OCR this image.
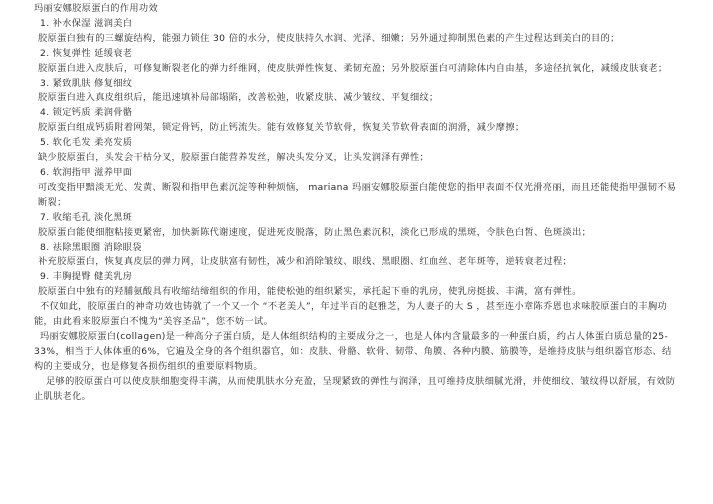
玛丽安娜胶原蛋白的作用功效

1. 补水保湿 滋润美白
胶原蛋白独有的三螺旋结构，能强力锁住 30 倍的水分，使皮肤持久水润、光泽、细嫩；另外通过抑制黑色素的产生过程达到美白的目的；
2. 恢复弹性 延缓衰老
胶原蛋白进入皮肤后，可修复断裂老化的弹力纤维网，使皮肤弹性恢复、柔韧充盈；另外胶原蛋白可清除体内自由基，多途径抗氧化，减缓皮肤衰老；
3. 紧致肌肤 修复细纹
胶原蛋白进入真皮组织后，能迅速填补局部塌陷，改善松弛，收紧皮肤、减少皱纹、平复细纹；
4. 锁定钙质 柔润骨骼
胶原蛋白组成钙质附着网架，锁定骨钙，防止钙流失。能有效修复关节软骨，恢复关节软骨表面的润滑，减少摩擦；
5. 软化毛发 柔亮发质
缺少胶原蛋白，头发会干枯分叉，胶原蛋白能营养发丝，解决头发分叉，让头发润泽有弹性；
6. 软润指甲 滋养甲面
可改变指甲黯淡无光、发黄、断裂和指甲色素沉淀等种种烦恼， mariana 玛丽安娜胶原蛋白能使您的指甲表面不仅光滑亮丽，而且还能使指甲强韧不易断裂；
7. 收缩毛孔 淡化黑斑
胶原蛋白能使细胞粘接更紧密，加快新陈代谢速度，促进死皮脱落，防止黑色素沉积，淡化已形成的黑斑，令肤色白皙、色斑淡出；
8. 祛除黑眼圈 消除眼袋
补充胶原蛋白，恢复真皮层的弹力网，让皮肤富有韧性，减少和消除皱纹、眼线、黑眼圈、红血丝、老年斑等，逆转衰老过程；
9. 丰胸提臀 健美乳房
胶原蛋白中独有的羟脯氨酸具有收缩结缔组织的作用，能使松弛的组织紧实，承托起下垂的乳房，使乳房挺拔、丰满，富有弹性。

不仅如此，胶原蛋白的神奇功效也铸就了一个又一个 “不老美人”，年过半百的赵雅芝，为人妻子的大 S ，甚至连小章陈乔恩也求味胶原蛋白的丰胸功能，由此看来胶原蛋白不愧为“美容圣品”，您不妨一试。

玛丽安娜胶原蛋白(collagen)是一种高分子蛋白质，是人体组织结构的主要成分之一，也是人体内含量最多的一种蛋白质，约占人体蛋白质总量的25-33%，相当于人体体重的6%，它遍及全身的各个组织器官，如：皮肤、骨骼、软骨、韧带、角膜、各种内膜、筋膜等，是维持皮肤与组织器官形态、结构的主要成分，也是修复各损伤组织的重要原料物质。

足够的胶原蛋白可以使皮肤细胞变得丰满，从而使肌肤水分充盈，呈现紧致的弹性与润泽，且可维持皮肤细腻光滑，并使细纹、皱纹得以舒展，有效防止肌肤老化。
